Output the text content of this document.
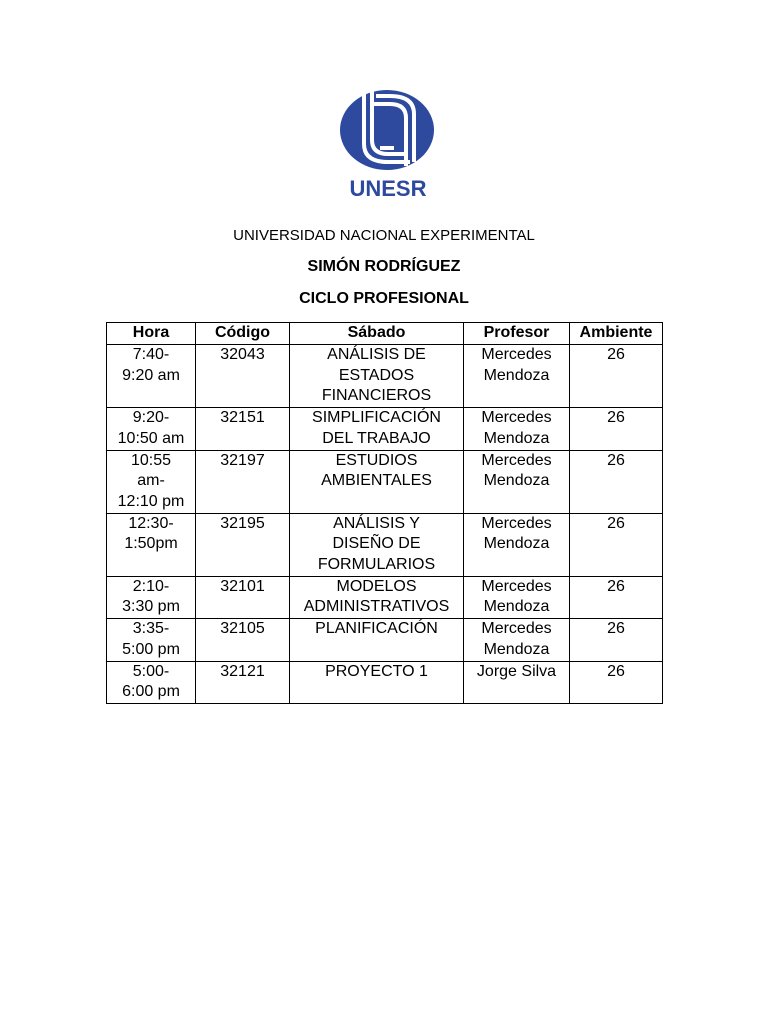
UNESR
UNIVERSIDAD NACIONAL EXPERIMENTAL
SIMÓN RODRÍGUEZ
CICLO PROFESIONAL
Hora	Código	Sábado	Profesor	Ambiente
7:40-
9:20 am	32043	ANÁLISIS DE
ESTADOS
FINANCIEROS	Mercedes
Mendoza	26
9:20-
10:50 am	32151	SIMPLIFICACIÓN
DEL TRABAJO	Mercedes
Mendoza	26
10:55
am-
12:10 pm	32197	ESTUDIOS
AMBIENTALES	Mercedes
Mendoza	26
12:30-
1:50pm	32195	ANÁLISIS Y
DISEÑO DE
FORMULARIOS	Mercedes
Mendoza	26
2:10-
3:30 pm	32101	MODELOS
ADMINISTRATIVOS	Mercedes
Mendoza	26
3:35-
5:00 pm	32105	PLANIFICACIÓN	Mercedes
Mendoza	26
5:00-
6:00 pm	32121	PROYECTO 1	Jorge Silva	26
